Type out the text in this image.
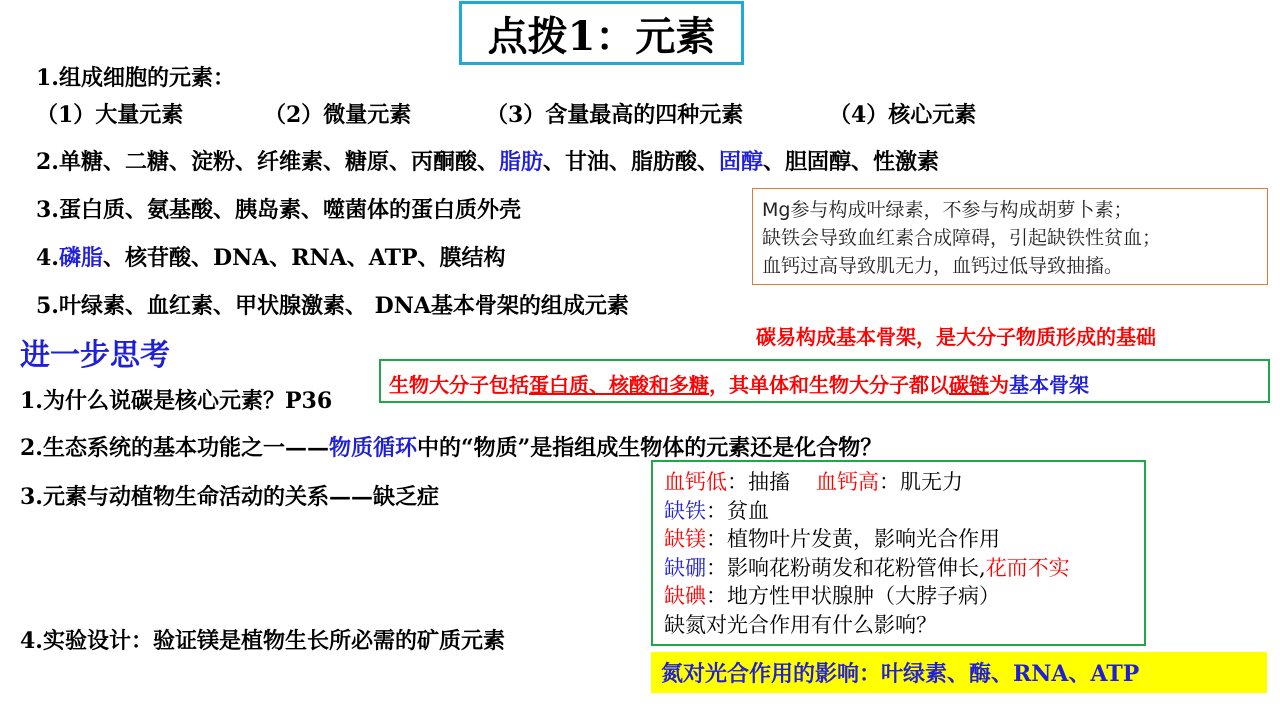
点拨1：元素
1.组成细胞的元素：
（1）大量元素	（2）微量元素	（3）含量最高的四种元素	（4）核心元素
2.单糖、二糖、淀粉、纤维素、糖原、丙酮酸、脂肪、甘油、脂肪酸、固醇、胆固醇、性激素
3.蛋白质、氨基酸、胰岛素、噬菌体的蛋白质外壳
4.磷脂、核苷酸、DNA、RNA、ATP、膜结构
5.叶绿素、血红素、甲状腺激素、 DNA基本骨架的组成元素
Mg参与构成叶绿素，不参与构成胡萝卜素；
缺铁会导致血红素合成障碍，引起缺铁性贫血；
血钙过高导致肌无力，血钙过低导致抽搐。
碳易构成基本骨架，是大分子物质形成的基础
进一步思考
1.为什么说碳是核心元素？P36
生物大分子包括蛋白质、核酸和多糖，其单体和生物大分子都以碳链为基本骨架
2.生态系统的基本功能之一——物质循环中的“物质”是指组成生物体的元素还是化合物？
3.元素与动植物生命活动的关系——缺乏症
血钙低：抽搐 血钙高：肌无力
缺铁：贫血
缺镁：植物叶片发黄，影响光合作用
缺硼：影响花粉萌发和花粉管伸长,花而不实
缺碘：地方性甲状腺肿（大脖子病）
缺氮对光合作用有什么影响？
4.实验设计：验证镁是植物生长所必需的矿质元素
氮对光合作用的影响：叶绿素、酶、RNA、ATP
